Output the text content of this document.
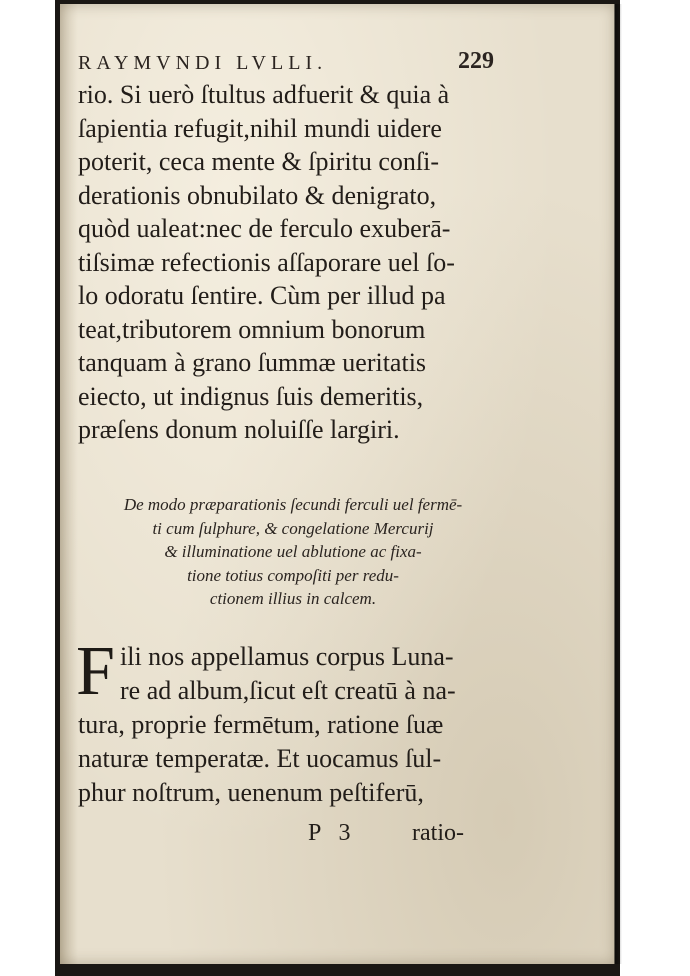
RAYMVNDI LVLLI.	229
rio. Si uerò ſtultus adfuerit & quia à
ſapientia refugit,nihil mundi uidere
poterit, ceca mente & ſpiritu conſi-
derationis obnubilato & denigrato,
quòd ualeat:nec de ferculo exuberā-
tiſsimæ refectionis aſſaporare uel ſo-
lo odoratu ſentire. Cùm per illud pa
teat,tributorem omnium bonorum
tanquam à grano ſummæ ueritatis
eiecto, ut indignus ſuis demeritis,
præſens donum noluiſſe largiri.
De modo præparationis ſecundi ferculi uel fermē-
ti cum ſulphure, & congelatione Mercurij
& illuminatione uel ablutione ac fixa-
tione totius compoſiti per redu-
ctionem illius in calcem.
F ili nos appellamus corpus Luna-
re ad album,ſicut eſt creatū à na-
tura, proprie fermētum, ratione ſuæ
naturæ temperatæ. Et uocamus ſul-
phur noſtrum, uenenum peſtiferū,
P 3 ratio-
